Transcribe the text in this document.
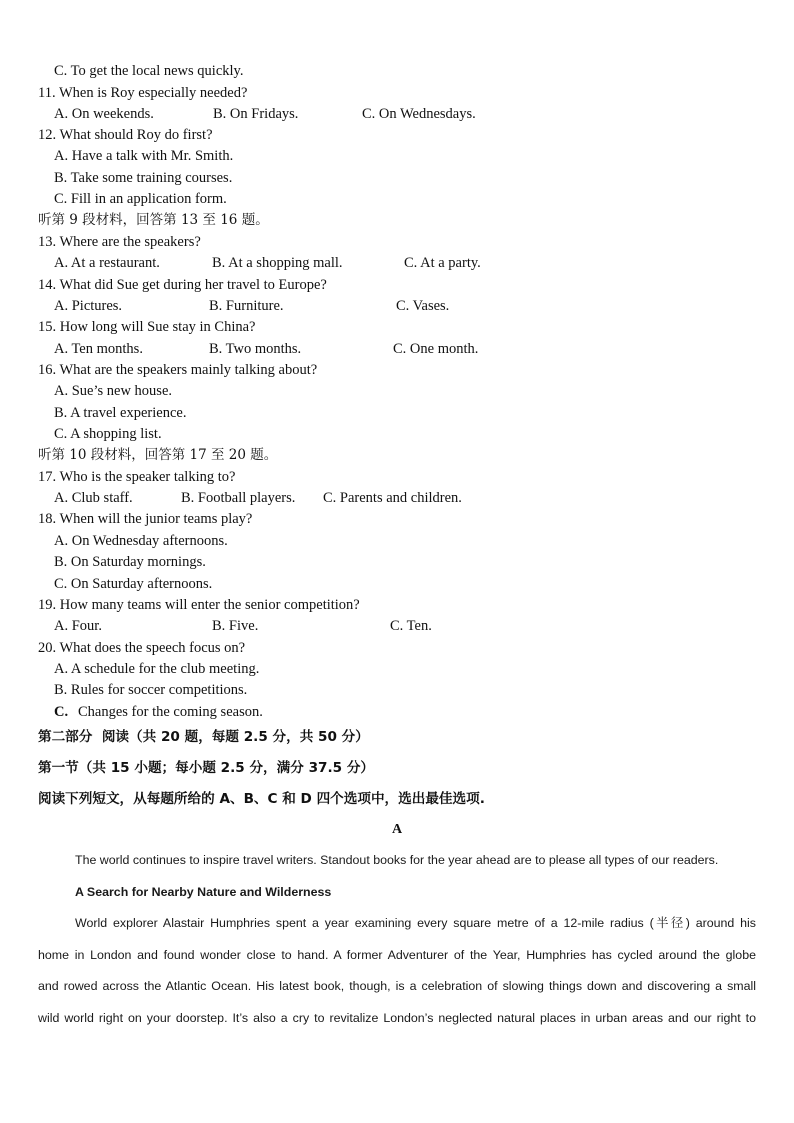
C. To get the local news quickly.
11. When is Roy especially needed?
A. On weekends.	B. On Fridays.	C. On Wednesdays.
12. What should Roy do first?
A. Have a talk with Mr. Smith.
B. Take some training courses.
C. Fill in an application form.
听第 9 段材料，回答第 13 至 16 题。
13. Where are the speakers?
A. At a restaurant.	B. At a shopping mall.	C. At a party.
14. What did Sue get during her travel to Europe?
A. Pictures.	B. Furniture.	C. Vases.
15. How long will Sue stay in China?
A. Ten months.	B. Two months.	C. One month.
16. What are the speakers mainly talking about?
A. Sue’s new house.
B. A travel experience.
C. A shopping list.
听第 10 段材料，回答第 17 至 20 题。
17. Who is the speaker talking to?
A. Club staff.	B. Football players. C. Parents and children.
18. When will the junior teams play?
A. On Wednesday afternoons.
B. On Saturday mornings.
C. On Saturday afternoons.
19. How many teams will enter the senior competition?
A. Four.	B. Five.	C. Ten.
20. What does the speech focus on?
A. A schedule for the club meeting.
B. Rules for soccer competitions.
C. Changes for the coming season.
第二部分  阅读（共 20 题，每题 2.5 分，共 50 分）
第一节（共 15 小题；每小题 2.5 分，满分 37.5 分）
阅读下列短文，从每题所给的 A、B、C 和 D 四个选项中，选出最佳选项.
A

The world continues to inspire travel writers. Standout books for the year ahead are to please all types of our readers.

A Search for Nearby Nature and Wilderness

World explorer Alastair Humphries spent a year examining every square metre of a 12-mile radius (半径) around his

home in London and found wonder close to hand. A former Adventurer of the Year, Humphries has cycled around the globe

and rowed across the Atlantic Ocean. His latest book, though, is a celebration of slowing things down and discovering a small

wild world right on your doorstep. It’s also a cry to revitalize London’s neglected natural places in urban areas and our right to
